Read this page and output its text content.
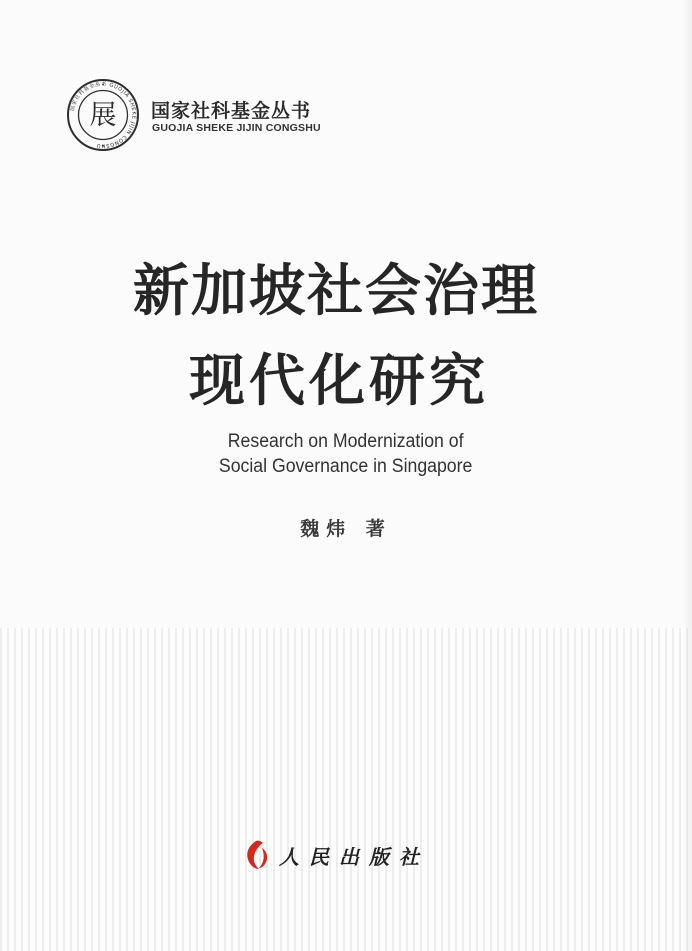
国家社科基金丛书 GUOJIA SHEKE JIJIN CONGSHU
展 国家社科基金丛书
GUOJIA SHEKE JIJIN CONGSHU
新加坡社会治理
现代化研究
Research on Modernization of
Social Governance in Singapore
魏炜 著
人民出版社
